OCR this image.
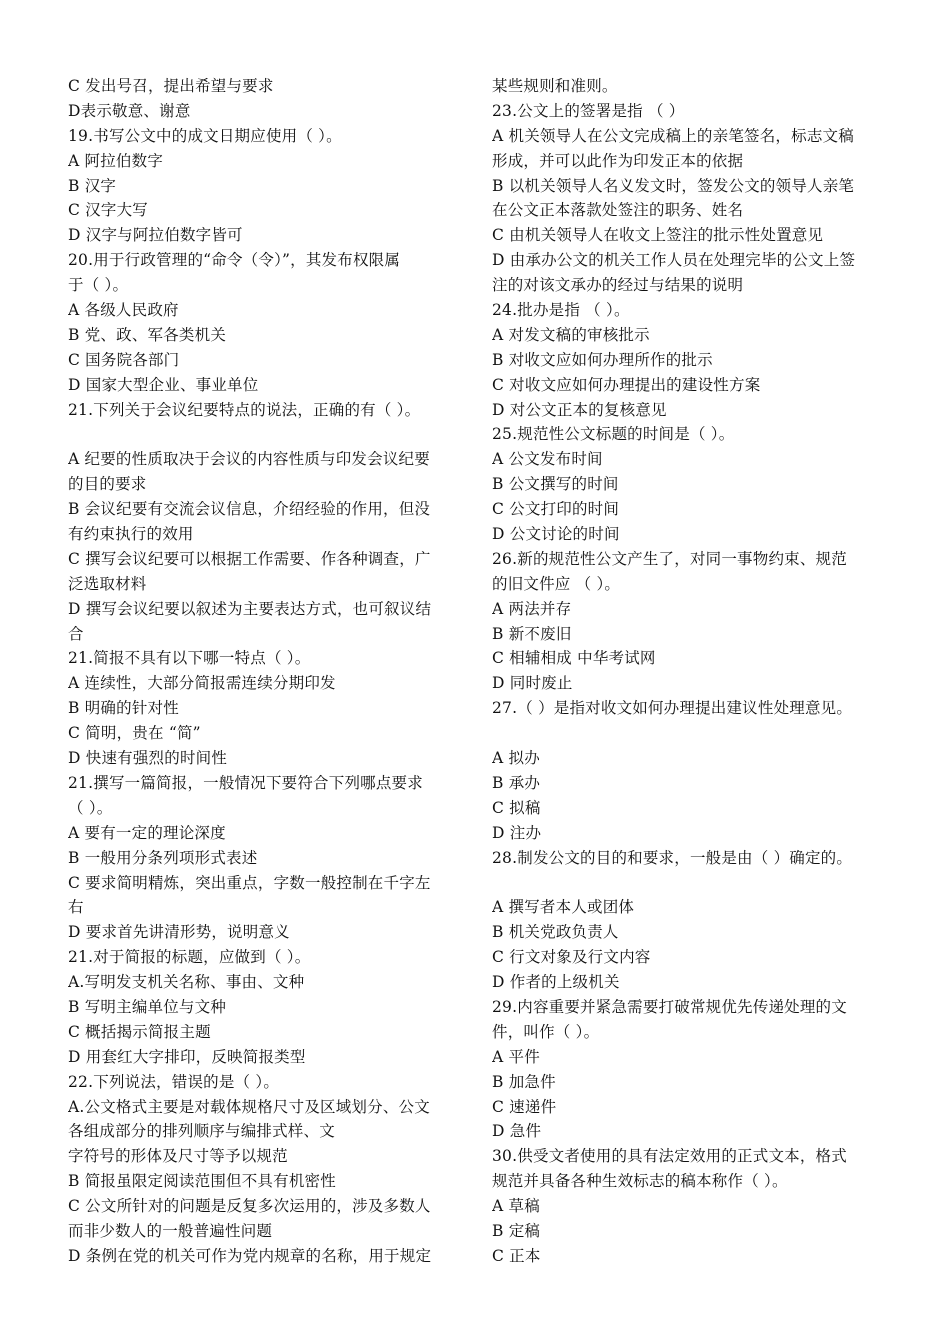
C 发出号召，提出希望与要求
D表示敬意、谢意
19.书写公文中的成文日期应使用（ ）。
A 阿拉伯数字
B 汉字
C 汉字大写
D 汉字与阿拉伯数字皆可
20.用于行政管理的“命令（令）”，其发布权限属
于（ ）。
A 各级人民政府
B 党、政、军各类机关
C 国务院各部门
D 国家大型企业、事业单位
21.下列关于会议纪要特点的说法，正确的有（ ）。
A 纪要的性质取决于会议的内容性质与印发会议纪要
的目的要求
B 会议纪要有交流会议信息，介绍经验的作用，但没
有约束执行的效用
C 撰写会议纪要可以根据工作需要、作各种调查，广
泛选取材料
D 撰写会议纪要以叙述为主要表达方式，也可叙议结
合
21.简报不具有以下哪一特点（ ）。
A 连续性，大部分简报需连续分期印发
B 明确的针对性
C 简明，贵在 “简”
D 快速有强烈的时间性
21.撰写一篇简报，一般情况下要符合下列哪点要求
（ ）。
A 要有一定的理论深度
B 一般用分条列项形式表述
C 要求简明精炼，突出重点，字数一般控制在千字左
右
D 要求首先讲清形势，说明意义
21.对于简报的标题，应做到（ ）。
A.写明发支机关名称、事由、文种
B 写明主编单位与文种
C 概括揭示简报主题
D 用套红大字排印，反映简报类型
22.下列说法，错误的是（ ）。
A.公文格式主要是对载体规格尺寸及区域划分、公文
各组成部分的排列顺序与编排式样、文
字符号的形体及尺寸等予以规范
B 简报虽限定阅读范围但不具有机密性
C 公文所针对的问题是反复多次运用的，涉及多数人
而非少数人的一般普遍性问题
D 条例在党的机关可作为党内规章的名称，用于规定
某些规则和准则。
23.公文上的签署是指 （ ）
A 机关领导人在公文完成稿上的亲笔签名，标志文稿
形成，并可以此作为印发正本的依据
B 以机关领导人名义发文时，签发公文的领导人亲笔
在公文正本落款处签注的职务、姓名
C 由机关领导人在收文上签注的批示性处置意见
D 由承办公文的机关工作人员在处理完毕的公文上签
注的对该文承办的经过与结果的说明
24.批办是指 （ ）。
A 对发文稿的审核批示
B 对收文应如何办理所作的批示
C 对收文应如何办理提出的建设性方案
D 对公文正本的复核意见
25.规范性公文标题的时间是（ ）。
A 公文发布时间
B 公文撰写的时间
C 公文打印的时间
D 公文讨论的时间
26.新的规范性公文产生了，对同一事物约束、规范
的旧文件应 （ ）。
A 两法并存
B 新不废旧
C 相辅相成 中华考试网
D 同时废止
27.（ ）是指对收文如何办理提出建议性处理意见。
A 拟办
B 承办
C 拟稿
D 注办
28.制发公文的目的和要求，一般是由（ ）确定的。
A 撰写者本人或团体
B 机关党政负责人
C 行文对象及行文内容
D 作者的上级机关
29.内容重要并紧急需要打破常规优先传递处理的文
件，叫作（ ）。
A 平件
B 加急件
C 速递件
D 急件
30.供受文者使用的具有法定效用的正式文本，格式
规范并具备各种生效标志的稿本称作（ ）。
A 草稿
B 定稿
C 正本
